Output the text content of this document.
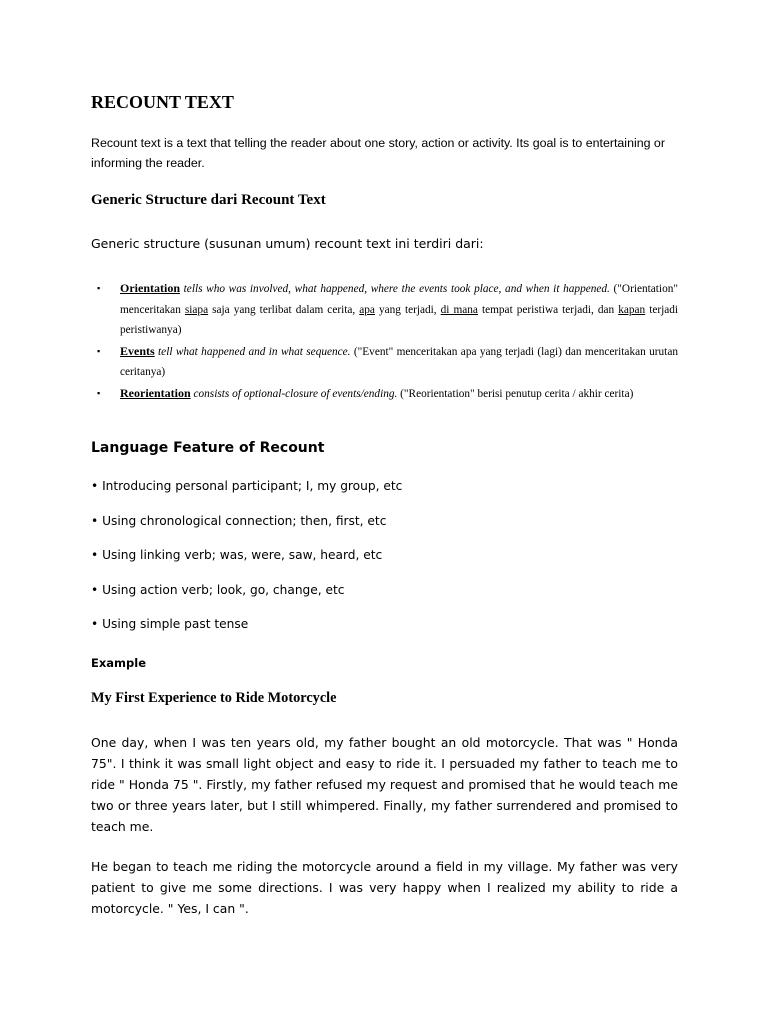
RECOUNT TEXT

Recount text is a text that telling the reader about one story, action or activity. Its goal is to entertaining or informing the reader.

Generic Structure dari Recount Text

Generic structure (susunan umum) recount text ini terdiri dari:

▪ Orientation tells who was involved, what happened, where the events took place, and when it happened. ("Orientation" menceritakan siapa saja yang terlibat dalam cerita, apa yang terjadi, di mana tempat peristiwa terjadi, dan kapan terjadi peristiwanya)
▪ Events tell what happened and in what sequence. ("Event" menceritakan apa yang terjadi (lagi) dan menceritakan urutan ceritanya)
▪ Reorientation consists of optional-closure of events/ending. ("Reorientation" berisi penutup cerita / akhir cerita)
Language Feature of Recount
• Introducing personal participant; I, my group, etc
• Using chronological connection; then, first, etc
• Using linking verb; was, were, saw, heard, etc
• Using action verb; look, go, change, etc
• Using simple past tense

Example

My First Experience to Ride Motorcycle

One day, when I was ten years old, my father bought an old motorcycle. That was " Honda 75". I think it was small light object and easy to ride it. I persuaded my father to teach me to ride " Honda 75 ". Firstly, my father refused my request and promised that he would teach me two or three years later, but I still whimpered. Finally, my father surrendered and promised to teach me.

He began to teach me riding the motorcycle around a field in my village. My father was very patient to give me some directions. I was very happy when I realized my ability to ride a motorcycle. " Yes, I can ".
